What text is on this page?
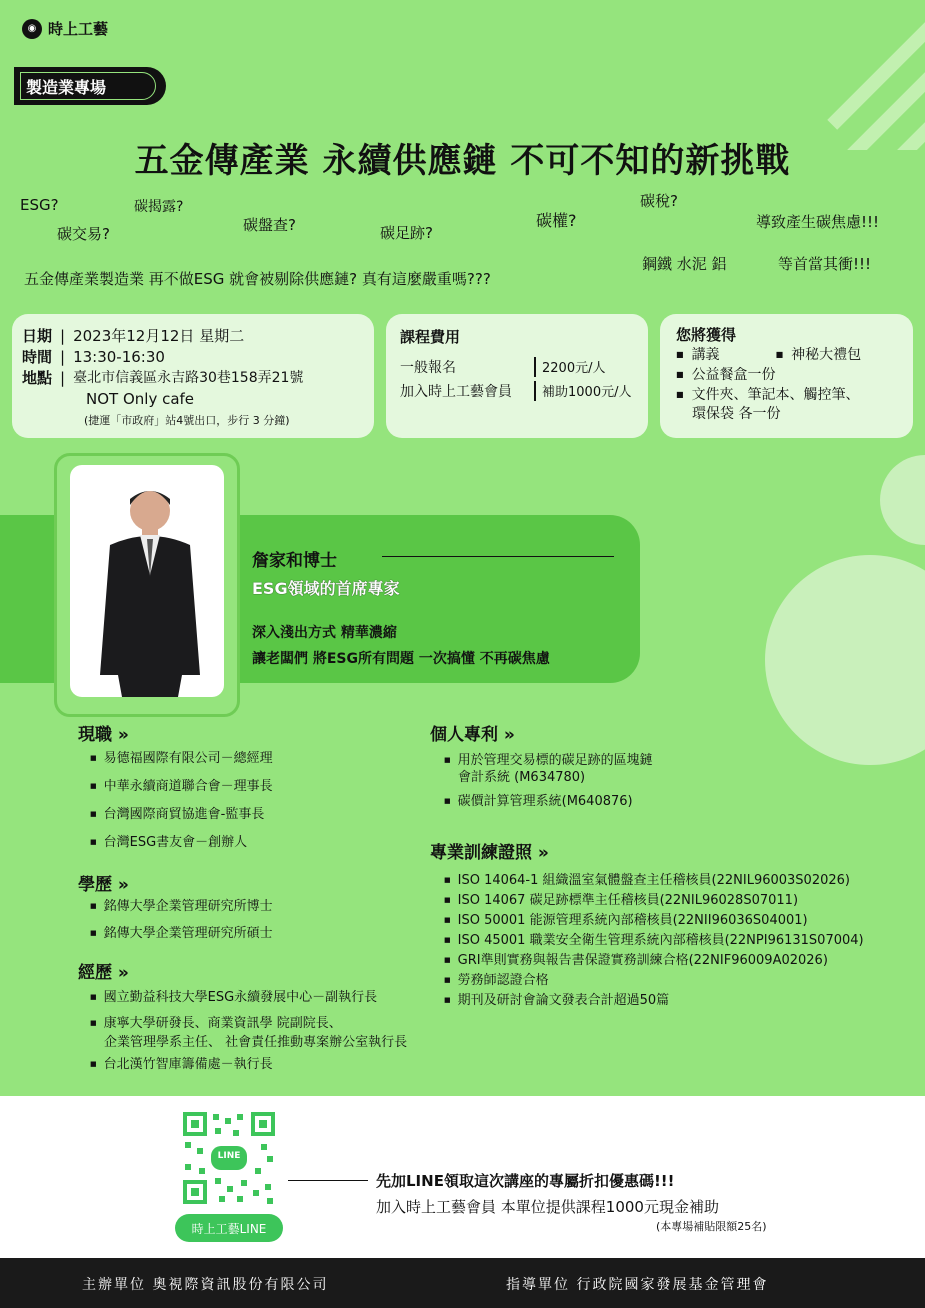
◉ 時上工藝
製造業專場
五金傳產業 永續供應鏈 不可不知的新挑戰
ESG?	碳揭露?
碳交易?	碳盤查?	碳足跡?
碳權?
碳稅?
導致產生碳焦慮!!!
五金傳產業製造業 再不做ESG 就會被剔除供應鏈? 真有這麼嚴重嗎???
鋼鐵 水泥 鋁	等首當其衝!!!
日期 | 2023年12月12日 星期二
時間 | 13:30-16:30
地點 | 臺北市信義區永吉路30巷158弄21號
NOT Only cafe
(捷運「市政府」站4號出口，步行 3 分鐘)
課程費用
一般報名	2200元/人
加入時上工藝會員	補助1000元/人
您將獲得
■ 講義
■	神秘大禮包
■ 公益餐盒一份
■ 文件夾、筆記本、觸控筆、
環保袋 各一份
詹家和博士
ESG領域的首席專家
深入淺出方式 精華濃縮
讓老闆們 將ESG所有問題 一次搞懂 不再碳焦慮
現職 »
■ 易德福國際有限公司－總經理
■ 中華永續商道聯合會－理事長
■ 台灣國際商貿協進會-監事長
■ 台灣ESG書友會－創辦人
學歷 »
■ 銘傳大學企業管理研究所博士
■ 銘傳大學企業管理研究所碩士
經歷 »
■ 國立勤益科技大學ESG永續發展中心－副執行長
■ 康寧大學研發長、商業資訊學 院副院長、
企業管理學系主任、 社會責任推動專案辦公室執行長
■ 台北漢竹智庫籌備處－執行長
個人專利 »
■ 用於管理交易標的碳足跡的區塊鏈
會計系統 (M634780)
■ 碳價計算管理系統(M640876)
專業訓練證照 »
■ ISO 14064-1 組織溫室氣體盤查主任稽核員(22NIL96003S02026)
■ ISO 14067 碳足跡標準主任稽核員(22NIL96028S07011)
■ ISO 50001 能源管理系統內部稽核員(22NII96036S04001)
■ ISO 45001 職業安全衛生管理系統內部稽核員(22NPI96131S07004)
■ GRI準則實務與報告書保證實務訓練合格(22NIF96009A02026)
■ 勞務師認證合格
■ 期刊及研討會論文發表合計超過50篇
LINE
時上工藝LINE
先加LINE領取這次講座的專屬折扣優惠碼!!!
加入時上工藝會員 本單位提供課程1000元現金補助
(本專場補貼限額25名)
主辦單位 奧視際資訊股份有限公司	指導單位 行政院國家發展基金管理會
